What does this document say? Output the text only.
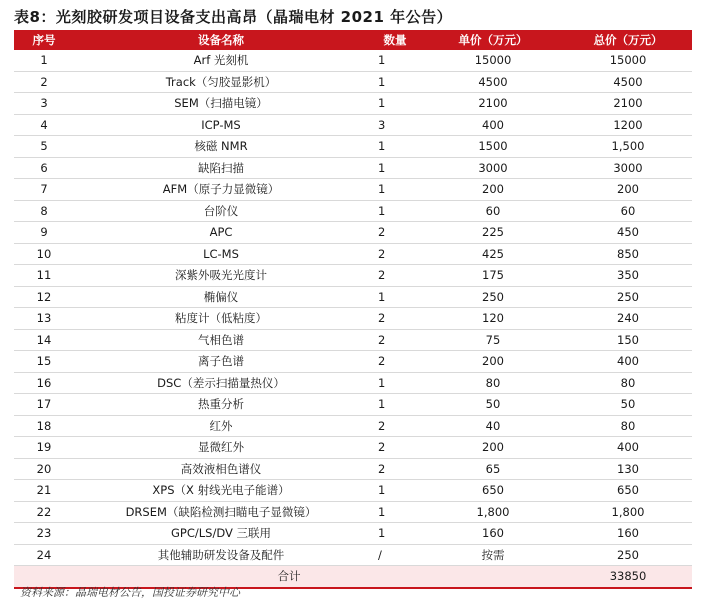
表8：光刻胶研发项目设备支出高昂（晶瑞电材 2021 年公告）
序号	设备名称	数量	单价（万元）	总价（万元）
1	Arf 光刻机	1	15000	15000
2	Track（匀胶显影机）	1	4500	4500
3	SEM（扫描电镜）	1	2100	2100
4	ICP-MS	3	400	1200
5	核磁 NMR	1	1500	1,500
6	缺陷扫描	1	3000	3000
7	AFM（原子力显微镜）	1	200	200
8	台阶仪	1	60	60
9	APC	2	225	450
10	LC-MS	2	425	850
11	深紫外吸光光度计	2	175	350
12	椭偏仪	1	250	250
13	粘度计（低粘度）	2	120	240
14	气相色谱	2	75	150
15	离子色谱	2	200	400
16	DSC（差示扫描量热仪）	1	80	80
17	热重分析	1	50	50
18	红外	2	40	80
19	显微红外	2	200	400
20	高效液相色谱仪	2	65	130
21	XPS（X 射线光电子能谱）	1	650	650
22	DRSEM（缺陷检测扫瞄电子显微镜）	1	1,800	1,800
23	GPC/LS/DV 三联用	1	160	160
24	其他辅助研发设备及配件	/	按需	250
合计				33850
资料来源：晶瑞电材公告，国投证券研究中心
